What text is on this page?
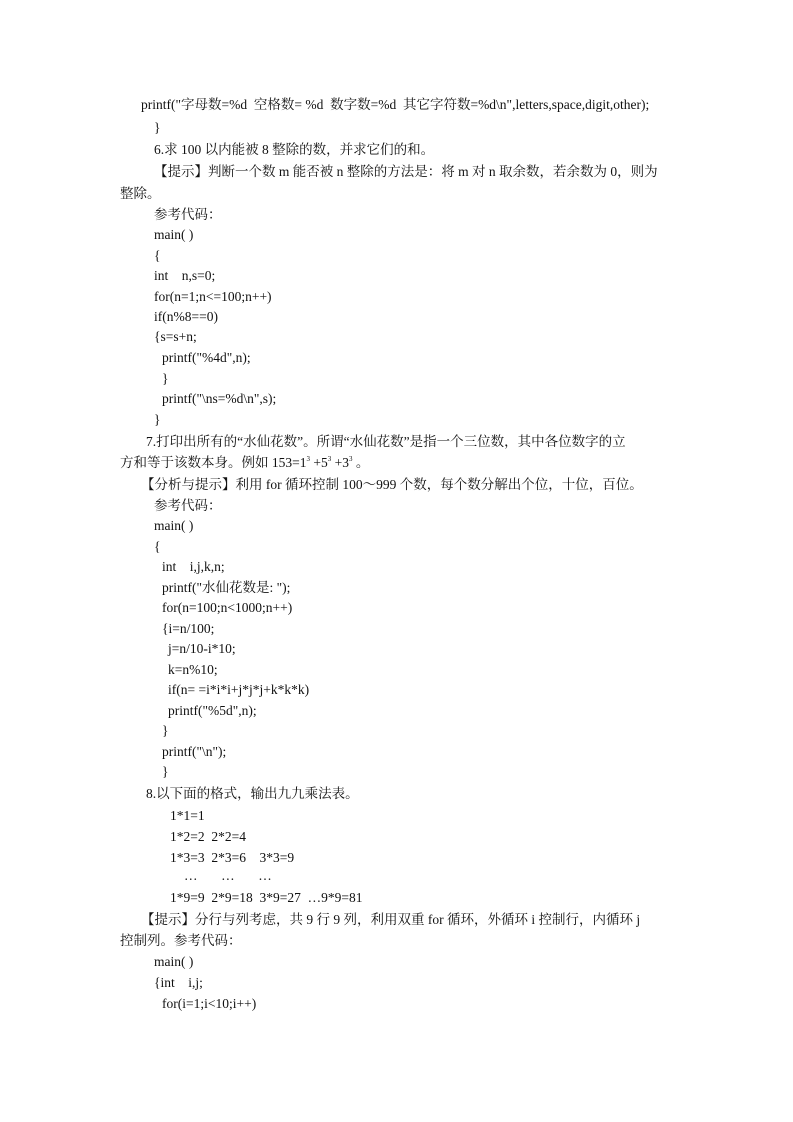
printf("字母数=%d  空格数= %d  数字数=%d  其它字符数=%d\n",letters,space,digit,other);
}
6.求 100 以内能被 8 整除的数，并求它们的和。
【提示】判断一个数 m 能否被 n 整除的方法是：将 m 对 n 取余数，若余数为 0，则为
整除。
参考代码：
main( )
{
int    n,s=0;
for(n=1;n<=100;n++)
if(n%8==0)
{s=s+n;
printf("%4d",n);
}
printf("\ns=%d\n",s);
}
7.打印出所有的“水仙花数”。所谓“水仙花数”是指一个三位数，其中各位数字的立
方和等于该数本身。例如 $153=1^3 +5^3 +3^3$ 。
【分析与提示】利用 for 循环控制 100～999 个数，每个数分解出个位，十位，百位。
参考代码：
main( )
{
int    i,j,k,n;
printf("水仙花数是: ");
for(n=100;n<1000;n++)
{i=n/100;
j=n/10-i*10;
k=n%10;
if(n= =i*i*i+j*j*j+k*k*k)
printf("%5d",n);
}
printf("\n");
}
8.以下面的格式，输出九九乘法表。
1*1=1
1*2=2  2*2=4
1*3=3  2*3=6    3*3=9
…       …       …
1*9=9  2*9=18  3*9=27  …9*9=81
【提示】分行与列考虑，共 9 行 9 列，利用双重 for 循环，外循环 i 控制行，内循环 j
控制列。参考代码：
main( )
{int    i,j;
for(i=1;i<10;i++)
